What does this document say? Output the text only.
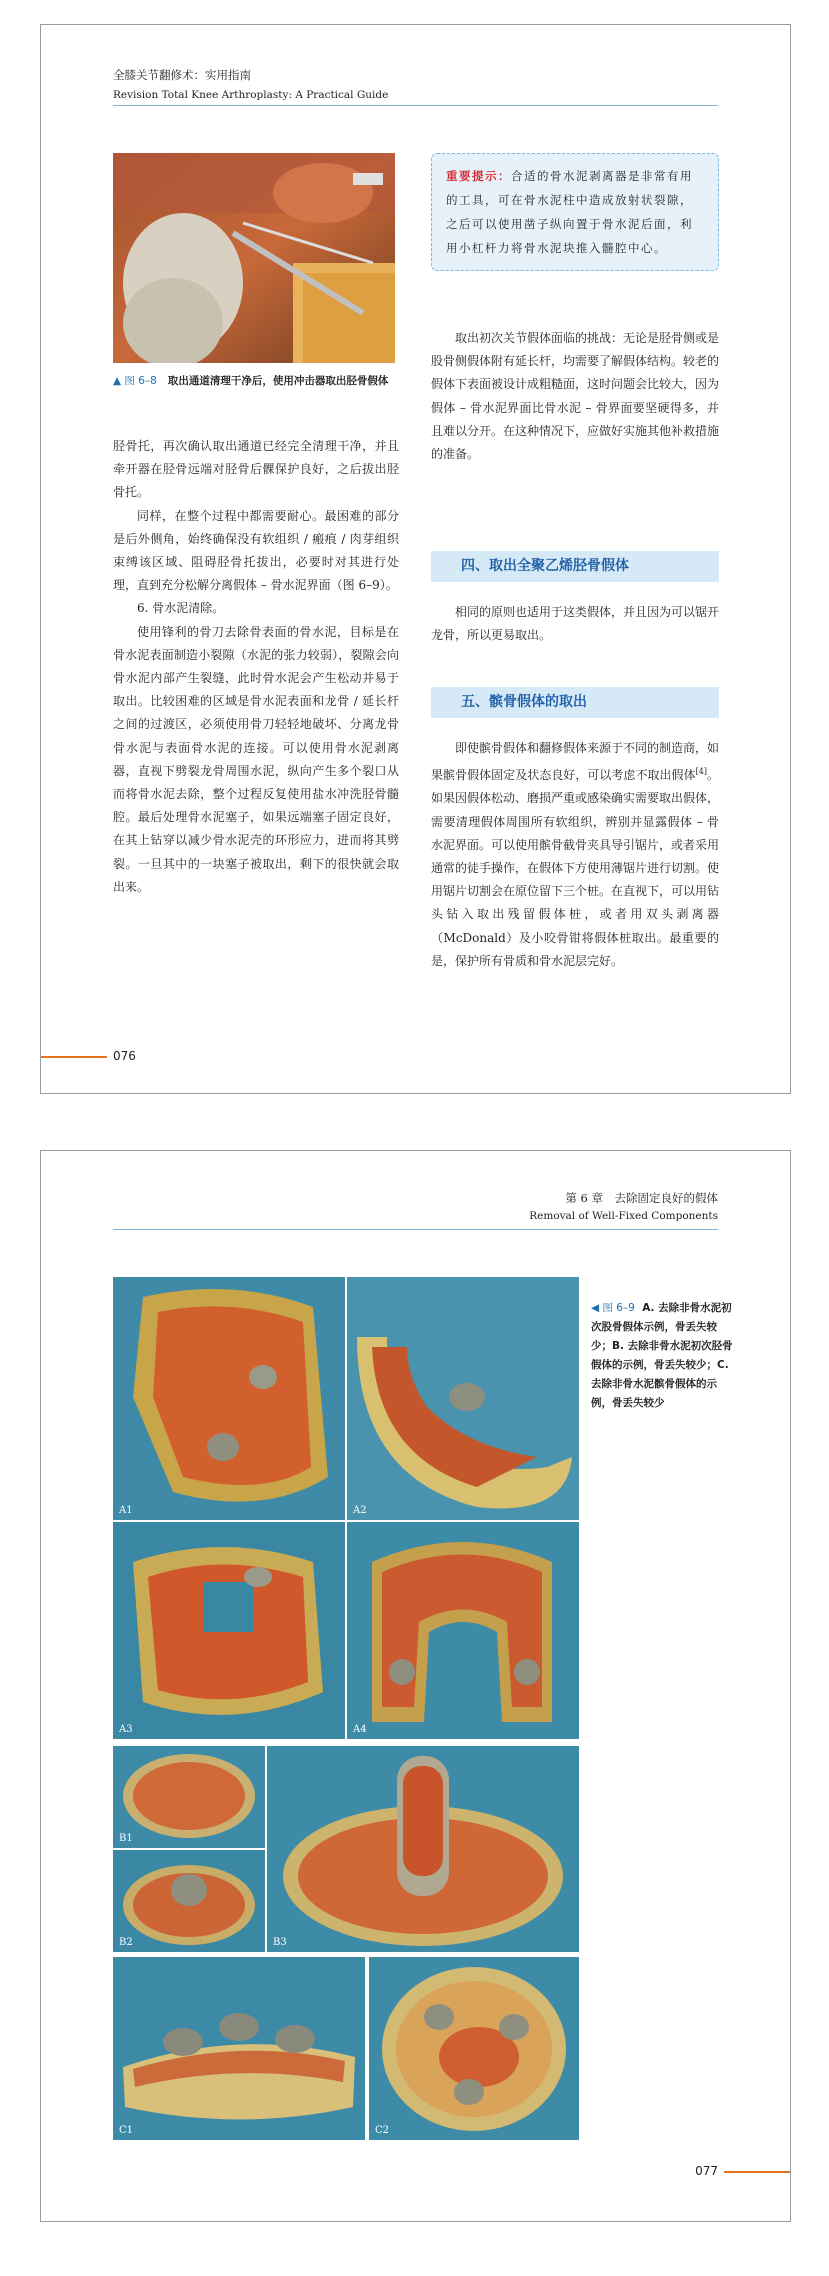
全膝关节翻修术：实用指南
Revision Total Knee Arthroplasty: A Practical Guide
▲ 图 6–8 取出通道清理干净后，使用冲击器取出胫骨假体

胫骨托，再次确认取出通道已经完全清理干净，并且牵开器在胫骨远端对胫骨后髁保护良好，之后拔出胫骨托。

同样，在整个过程中都需要耐心。最困难的部分是后外侧角，始终确保没有软组织 / 瘢痕 / 肉芽组织束缚该区域、阻碍胫骨托拔出，必要时对其进行处理，直到充分松解分离假体 – 骨水泥界面（图 6–9）。

6. 骨水泥清除。

使用锋利的骨刀去除骨表面的骨水泥，目标是在骨水泥表面制造小裂隙（水泥的张力较弱），裂隙会向骨水泥内部产生裂缝，此时骨水泥会产生松动并易于取出。比较困难的区域是骨水泥表面和龙骨 / 延长杆之间的过渡区，必须使用骨刀轻轻地破坏、分离龙骨骨水泥与表面骨水泥的连接。可以使用骨水泥剥离器，直视下劈裂龙骨周围水泥，纵向产生多个裂口从而将骨水泥去除，整个过程反复使用盐水冲洗胫骨髓腔。最后处理骨水泥塞子，如果远端塞子固定良好，在其上钻穿以减少骨水泥壳的环形应力，进而将其劈裂。一旦其中的一块塞子被取出，剩下的很快就会取出来。

重要提示：合适的骨水泥剥离器是非常有用的工具，可在骨水泥柱中造成放射状裂隙，之后可以使用凿子纵向置于骨水泥后面，利用小杠杆力将骨水泥块推入髓腔中心。

取出初次关节假体面临的挑战：无论是胫骨侧或是股骨侧假体附有延长杆，均需要了解假体结构。较老的假体下表面被设计成粗糙面，这时问题会比较大，因为假体 – 骨水泥界面比骨水泥 – 骨界面要坚硬得多，并且难以分开。在这种情况下，应做好实施其他补救措施的准备。

四、取出全聚乙烯胫骨假体

相同的原则也适用于这类假体，并且因为可以锯开龙骨，所以更易取出。

五、髌骨假体的取出

即使髌骨假体和翻修假体来源于不同的制造商，如果髌骨假体固定及状态良好，可以考虑不取出假体[4]。如果因假体松动、磨损严重或感染确实需要取出假体，需要清理假体周围所有软组织，辨别并显露假体 – 骨水泥界面。可以使用髌骨截骨夹具导引锯片，或者采用通常的徒手操作，在假体下方使用薄锯片进行切割。使用锯片切割会在原位留下三个桩。在直视下，可以用钻头钻入取出残留假体桩，或者用双头剥离器（McDonald）及小咬骨钳将假体桩取出。最重要的是，保护所有骨质和骨水泥层完好。

076
第 6 章　去除固定良好的假体
Removal of Well-Fixed Components
A1	A2
A3	A4
B1
B2	B3
C1	C2
◀ 图 6–9 A. 去除非骨水泥初次股骨假体示例，骨丢失较少；B. 去除非骨水泥初次胫骨假体的示例，骨丢失较少；C. 去除非骨水泥髌骨假体的示例，骨丢失较少
077
